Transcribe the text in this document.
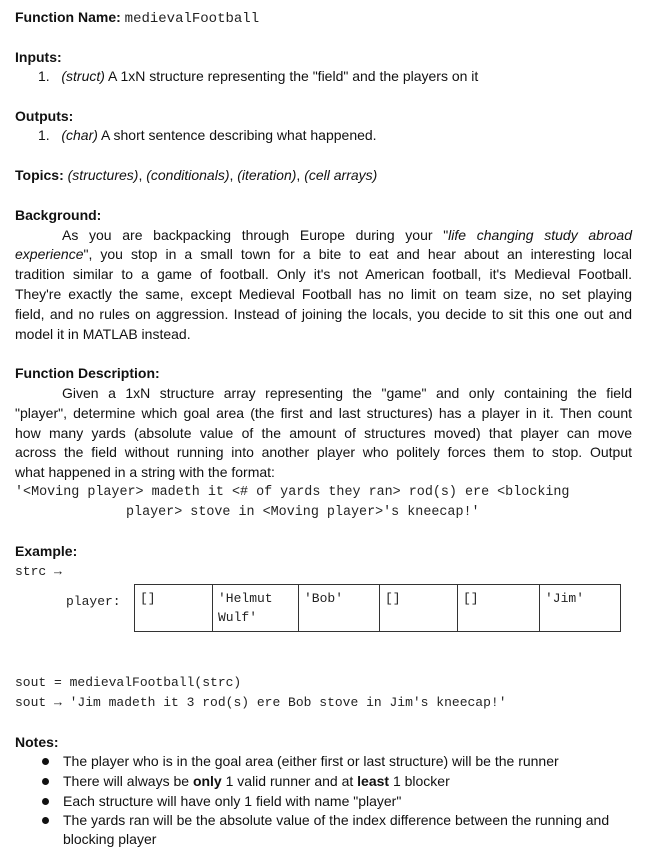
Function Name: medievalFootball
Inputs:
1. (struct) A 1xN structure representing the "field" and the players on it
Outputs:
1. (char) A short sentence describing what happened.
Topics: (structures), (conditionals), (iteration), (cell arrays)
Background:
As you are backpacking through Europe during your "life changing study abroad
experience", you stop in a small town for a bite to eat and hear about an interesting local
tradition similar to a game of football. Only it's not American football, it's Medieval Football.
They're exactly the same, except Medieval Football has no limit on team size, no set playing
field, and no rules on aggression. Instead of joining the locals, you decide to sit this one out and
model it in MATLAB instead.
Function Description:
Given a 1xN structure array representing the "game" and only containing the field
"player", determine which goal area (the first and last structures) has a player in it. Then count
how many yards (absolute value of the amount of structures moved) that player can move
across the field without running into another player who politely forces them to stop. Output
what happened in a string with the format:
'<Moving player> madeth it <# of yards they ran> rod(s) ere <blocking
player> stove in <Moving player>'s kneecap!'
Example:
strc →
player: []	'Helmut Wulf'	'Bob'	[]	[]	'Jim'
sout = medievalFootball(strc)
sout → 'Jim madeth it 3 rod(s) ere Bob stove in Jim's kneecap!'
Notes:
The player who is in the goal area (either first or last structure) will be the runner
There will always be only 1 valid runner and at least 1 blocker
Each structure will have only 1 field with name "player"
The yards ran will be the absolute value of the index difference between the running and blocking player
